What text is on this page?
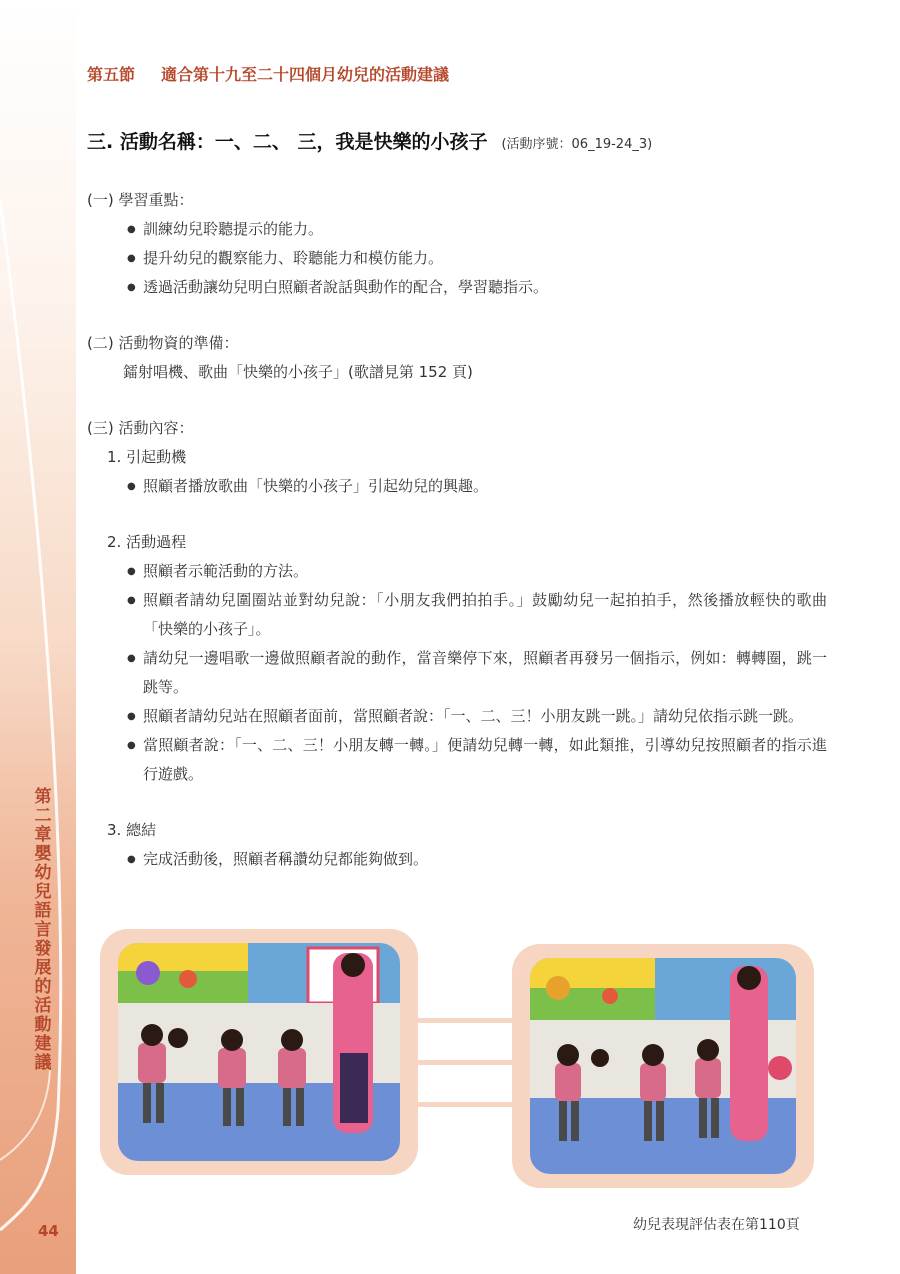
第二章 嬰幼兒語言發展的活動建議
44
第五節 適合第十九至二十四個月幼兒的活動建議
三. 活動名稱：一、二、 三，我是快樂的小孩子 (活動序號：06_19-24_3)

(一) 學習重點：

● 訓練幼兒聆聽提示的能力。
● 提升幼兒的觀察能力、聆聽能力和模仿能力。
● 透過活動讓幼兒明白照顧者說話與動作的配合，學習聽指示。

(二) 活動物資的準備：

鐳射唱機、歌曲「快樂的小孩子」(歌譜見第 152 頁)

(三) 活動內容：

1. 引起動機

● 照顧者播放歌曲「快樂的小孩子」引起幼兒的興趣。

2. 活動過程

● 照顧者示範活動的方法。
● 照顧者請幼兒圍圈站並對幼兒說：「小朋友我們拍拍手。」鼓勵幼兒一起拍拍手，然後播放輕快的歌曲「快樂的小孩子」。
● 請幼兒一邊唱歌一邊做照顧者說的動作，當音樂停下來，照顧者再發另一個指示，例如：轉轉圈，跳一跳等。
● 照顧者請幼兒站在照顧者面前，當照顧者說：「一、二、三！小朋友跳一跳。」請幼兒依指示跳一跳。
● 當照顧者說：「一、二、三！小朋友轉一轉。」便請幼兒轉一轉，如此類推，引導幼兒按照顧者的指示進行遊戲。

3. 總結

● 完成活動後，照顧者稱讚幼兒都能夠做到。
幼兒表現評估表在第110頁
